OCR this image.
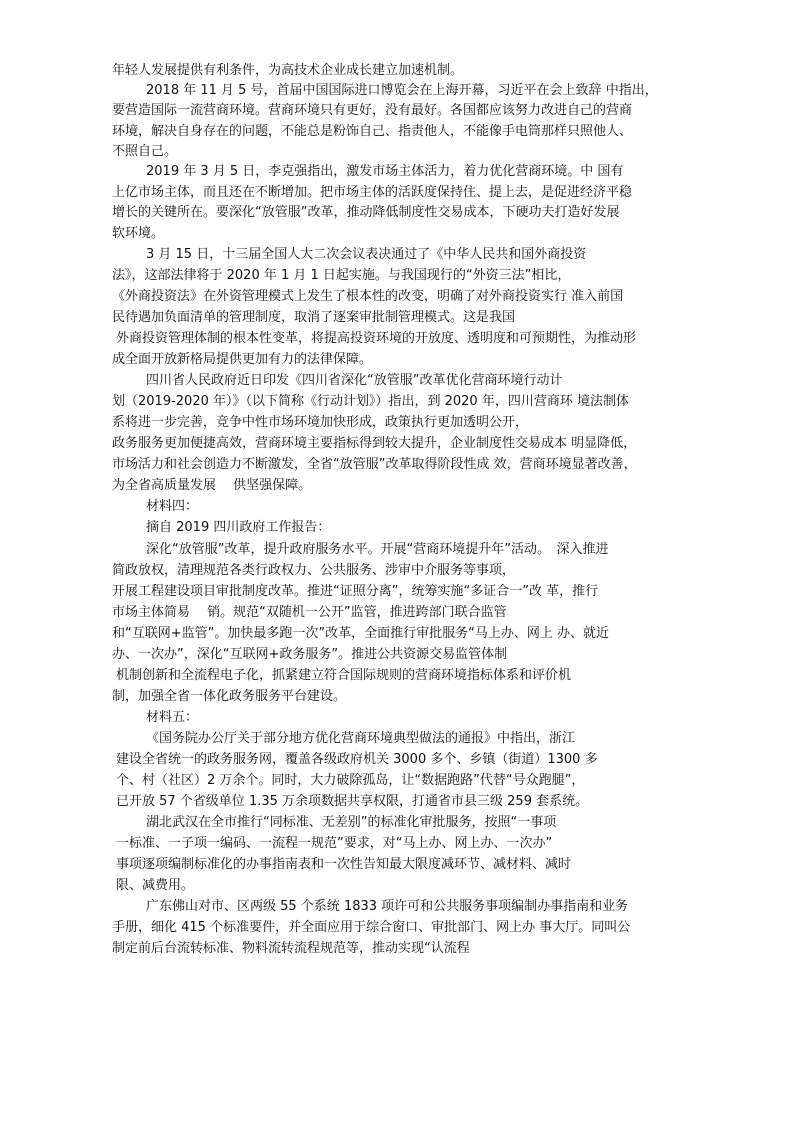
年轻人发展提供有利条件，为高技术企业成长建立加速机制。
2018 年 11 月 5 号，首届中国国际进口博览会在上海开幕，习近平在会上致辞 中指出，
要营造国际一流营商环境。营商环境只有更好，没有最好。各国都应该努力改进自己的营商
环境，解决自身存在的问题，不能总是粉饰自己、指责他人，不能像手电筒那样只照他人、
不照自己。
2019 年 3 月 5 日，李克强指出，激发市场主体活力，着力优化营商环境。中 国有
上亿市场主体，而且还在不断增加。把市场主体的活跃度保持住、提上去，是促进经济平稳
增长的关键所在。要深化“放管服”改革，推动降低制度性交易成本，下硬功夫打造好发展
软环境。
3 月 15 日，十三届全国人大二次会议表决通过了《中华人民共和国外商投资
法》，这部法律将于 2020 年 1 月 1 日起实施。与我国现行的“外资三法”相比，
《外商投资法》在外资管理模式上发生了根本性的改变，明确了对外商投资实行 准入前国
民待遇加负面清单的管理制度，取消了逐案审批制管理模式。这是我国
外商投资管理体制的根本性变革，将提高投资环境的开放度、透明度和可预期性，为推动形
成全面开放新格局提供更加有力的法律保障。
四川省人民政府近日印发《四川省深化“放管服”改革优化营商环境行动计
划（2019-2020 年）》（以下简称《行动计划》）指出，到 2020 年，四川营商环 境法制体
系将进一步完善，竞争中性市场环境加快形成，政策执行更加透明公开，
政务服务更加便捷高效，营商环境主要指标得到较大提升，企业制度性交易成本 明显降低，
市场活力和社会创造力不断激发，全省“放管服”改革取得阶段性成 效，营商环境显著改善，
为全省高质量发展　 供坚强保障。
材料四：
摘自 2019 四川政府工作报告：
深化“放管服”改革，提升政府服务水平。开展“营商环境提升年”活动。　深入推进
简政放权，清理规范各类行政权力、公共服务、涉审中介服务等事项，
开展工程建设项目审批制度改革。推进“证照分离”，统筹实施“多证合一”改 革，推行
市场主体简易　 销。规范“双随机一公开”监管，推进跨部门联合监管
和“互联网+监管”。加快最多跑一次”改革，全面推行审批服务“马上办、网上 办、就近
办、一次办”，深化“互联网+政务服务”。推进公共资源交易监管体制
机制创新和全流程电子化，抓紧建立符合国际规则的营商环境指标体系和评价机
制，加强全省一体化政务服务平台建设。
材料五：
《国务院办公厅关于部分地方优化营商环境典型做法的通报》中指出，浙江
建设全省统一的政务服务网，覆盖各级政府机关 3000 多个、乡镇（街道）1300 多
个、村（社区）2 万余个。同时，大力破除孤岛，让“数据跑路”代替“号众跑腿”，
已开放 57 个省级单位 1.35 万余项数据共享权限，打通省市县三级 259 套系统。
湖北武汉在全市推行“同标准、无差别”的标准化审批服务，按照“一事项
一标准、一子项一编码、一流程一规范”要求，对“马上办、网上办、一次办”
事项逐项编制标准化的办事指南表和一次性告知最大限度减环节、减材料、减时
限、减费用。
广东佛山对市、区两级 55 个系统 1833 项许可和公共服务事项编制办事指南和业务
手册，细化 415 个标准要件，并全面应用于综合窗口、审批部门、网上办 事大厅。同叫公
制定前后台流转标准、物料流转流程规范等，推动实现“认流程
